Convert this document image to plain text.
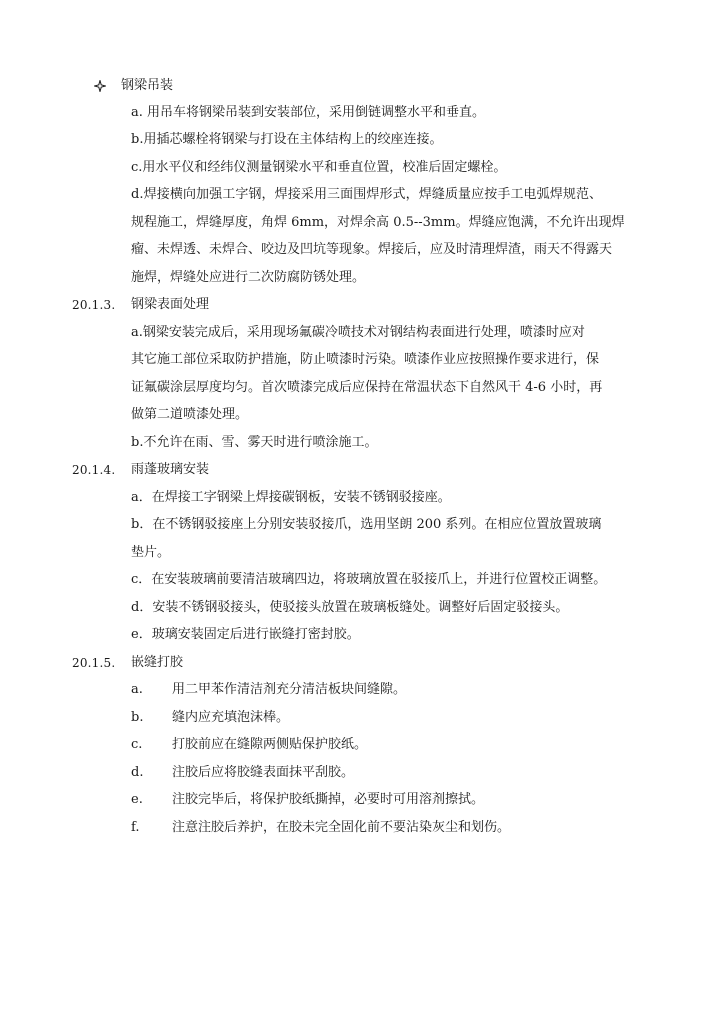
钢梁吊装
a. 用吊车将钢梁吊装到安装部位，采用倒链调整水平和垂直。
b.用插芯螺栓将钢梁与打设在主体结构上的绞座连接。
c.用水平仪和经纬仪测量钢梁水平和垂直位置，校准后固定螺栓。
d.焊接横向加强工字钢，焊接采用三面围焊形式，焊缝质量应按手工电弧焊规范、
规程施工，焊缝厚度，角焊 6mm，对焊余高 0.5--3mm。焊缝应饱满，不允许出现焊
瘤、未焊透、未焊合、咬边及凹坑等现象。焊接后，应及时清理焊渣，雨天不得露天
施焊，焊缝处应进行二次防腐防锈处理。
20.1.3. 钢梁表面处理
a.钢梁安装完成后，采用现场氟碳冷喷技术对钢结构表面进行处理，喷漆时应对
其它施工部位采取防护措施，防止喷漆时污染。喷漆作业应按照操作要求进行，保
证氟碳涂层厚度均匀。首次喷漆完成后应保持在常温状态下自然风干 4-6 小时，再
做第二道喷漆处理。
b.不允许在雨、雪、雾天时进行喷涂施工。
20.1.4. 雨蓬玻璃安装
a．在焊接工字钢梁上焊接碳钢板，安装不锈钢驳接座。
b．在不锈钢驳接座上分别安装驳接爪，选用坚朗 200 系列。在相应位置放置玻璃
垫片。
c．在安装玻璃前要清洁玻璃四边，将玻璃放置在驳接爪上，并进行位置校正调整。
d．安装不锈钢驳接头，使驳接头放置在玻璃板缝处。调整好后固定驳接头。
e．玻璃安装固定后进行嵌缝打密封胶。
20.1.5. 嵌缝打胶
a.	用二甲苯作清洁剂充分清洁板块间缝隙。
b.	缝内应充填泡沫棒。
c.	打胶前应在缝隙两侧贴保护胶纸。
d.	注胶后应将胶缝表面抹平刮胶。
e.	注胶完毕后，将保护胶纸撕掉，必要时可用溶剂擦拭。
f.	注意注胶后养护，在胶未完全固化前不要沾染灰尘和划伤。
